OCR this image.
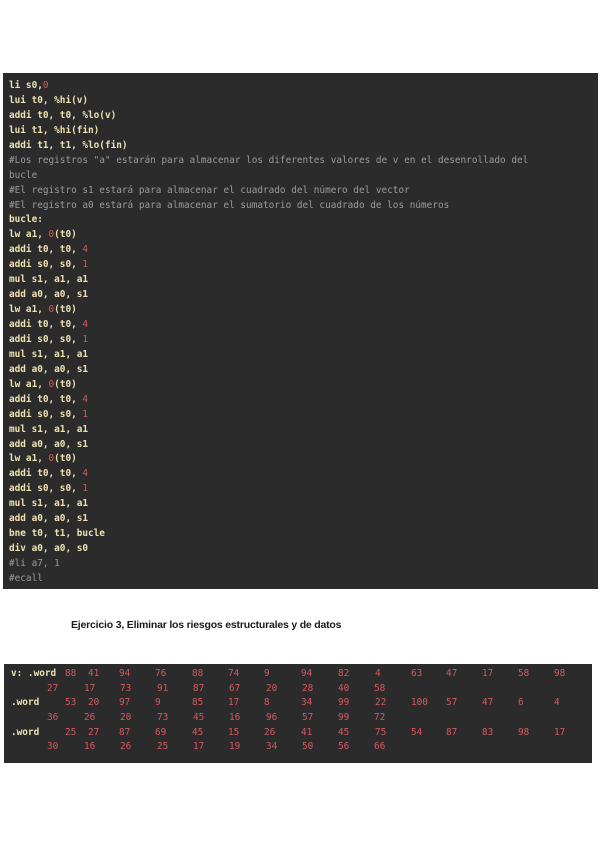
li s0,0
lui t0, %hi(v)
addi t0, t0, %lo(v)
lui t1, %hi(fin)
addi t1, t1, %lo(fin)
#Los registros "a" estarán para almacenar los diferentes valores de v en el desenrollado del
bucle
#El registro s1 estará para almacenar el cuadrado del número del vector
#El registro a0 estará para almacenar el sumatorio del cuadrado de los números
bucle:
lw a1, 0(t0)
addi t0, t0, 4
addi s0, s0, 1
mul s1, a1, a1
add a0, a0, s1
lw a1, 0(t0)
addi t0, t0, 4
addi s0, s0, 1
mul s1, a1, a1
add a0, a0, s1
lw a1, 0(t0)
addi t0, t0, 4
addi s0, s0, 1
mul s1, a1, a1
add a0, a0, s1
lw a1, 0(t0)
addi t0, t0, 4
addi s0, s0, 1
mul s1, a1, a1
add a0, a0, s1
bne t0, t1, bucle
div a0, a0, s0
#li a7, 1
#ecall
Ejercicio 3, Eliminar los riesgos estructurales y de datos
v: .word 88 41 94	76	88	74	9	94	82	4	63	47	17	58	98
27	17	73	91	87	67	20	28	40	58
.word	53 20 97	9	85	17	8	34	99	22	100 57	47	6	4
36	26	20	73	45	16	96	57	99	72
.word	25 27 87	69	45	15	26	41	45	75	54	87	83	98	17
30	16	26	25	17	19	34	50	56	66
